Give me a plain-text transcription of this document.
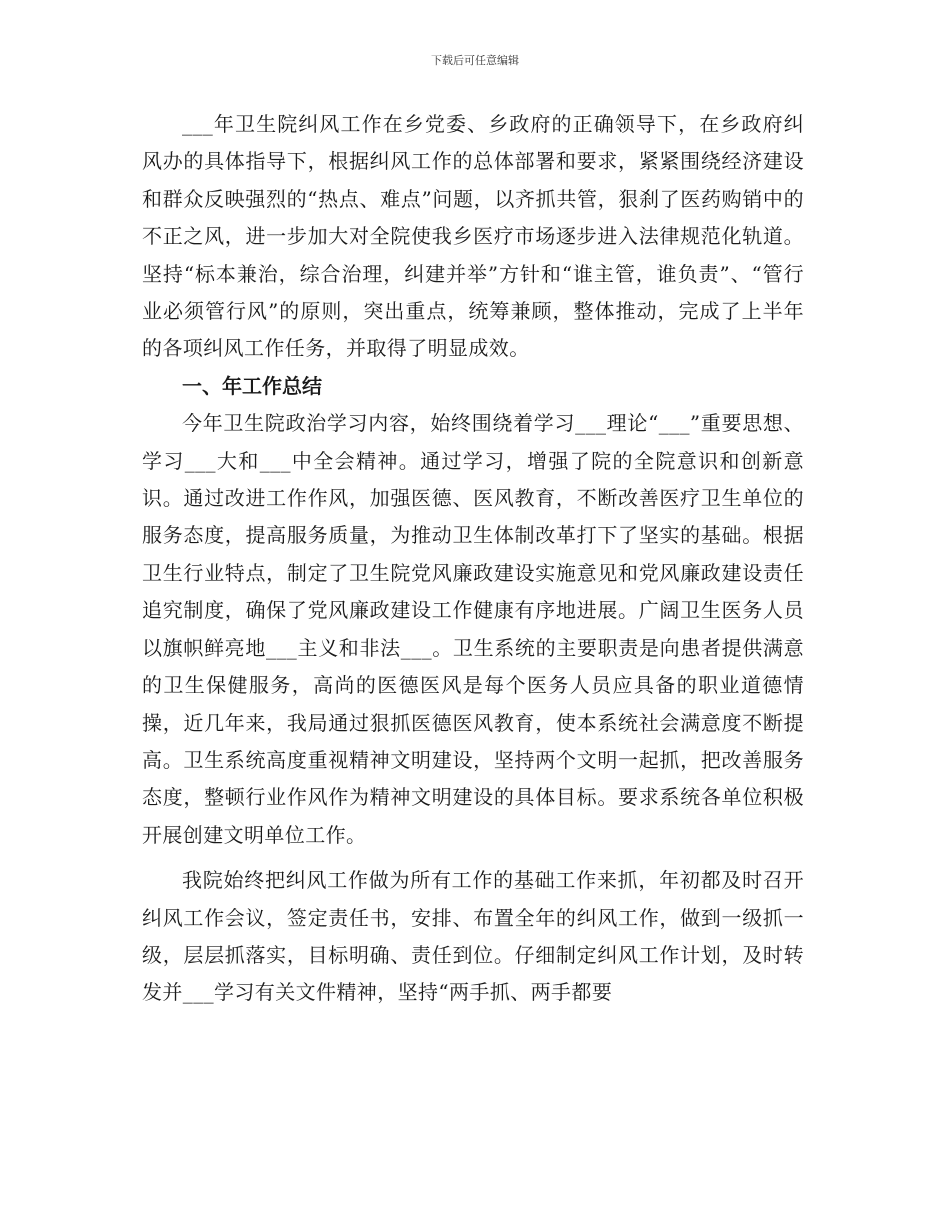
下载后可任意编辑

___年卫生院纠风工作在乡党委、乡政府的正确领导下，在乡政府纠风办的具体指导下，根据纠风工作的总体部署和要求，紧紧围绕经济建设和群众反映强烈的“热点、难点”问题，以齐抓共管，狠刹了医药购销中的不正之风，进一步加大对全院使我乡医疗市场逐步进入法律规范化轨道。坚持“标本兼治，综合治理，纠建并举”方针和“谁主管，谁负责”、“管行业必须管行风”的原则，突出重点，统筹兼顾，整体推动，完成了上半年的各项纠风工作任务，并取得了明显成效。

一、年工作总结

今年卫生院政治学习内容，始终围绕着学习___理论“___”重要思想、学习___大和___中全会精神。通过学习，增强了院的全院意识和创新意识。通过改进工作作风，加强医德、医风教育，不断改善医疗卫生单位的服务态度，提高服务质量，为推动卫生体制改革打下了坚实的基础。根据卫生行业特点，制定了卫生院党风廉政建设实施意见和党风廉政建设责任追究制度，确保了党风廉政建设工作健康有序地进展。广阔卫生医务人员以旗帜鲜亮地___主义和非法___。卫生系统的主要职责是向患者提供满意的卫生保健服务，高尚的医德医风是每个医务人员应具备的职业道德情操，近几年来，我局通过狠抓医德医风教育，使本系统社会满意度不断提高。卫生系统高度重视精神文明建设，坚持两个文明一起抓，把改善服务态度，整顿行业作风作为精神文明建设的具体目标。要求系统各单位积极开展创建文明单位工作。

我院始终把纠风工作做为所有工作的基础工作来抓，年初都及时召开纠风工作会议，签定责任书，安排、布置全年的纠风工作，做到一级抓一级，层层抓落实，目标明确、责任到位。仔细制定纠风工作计划，及时转发并___学习有关文件精神，坚持“两手抓、两手都要
